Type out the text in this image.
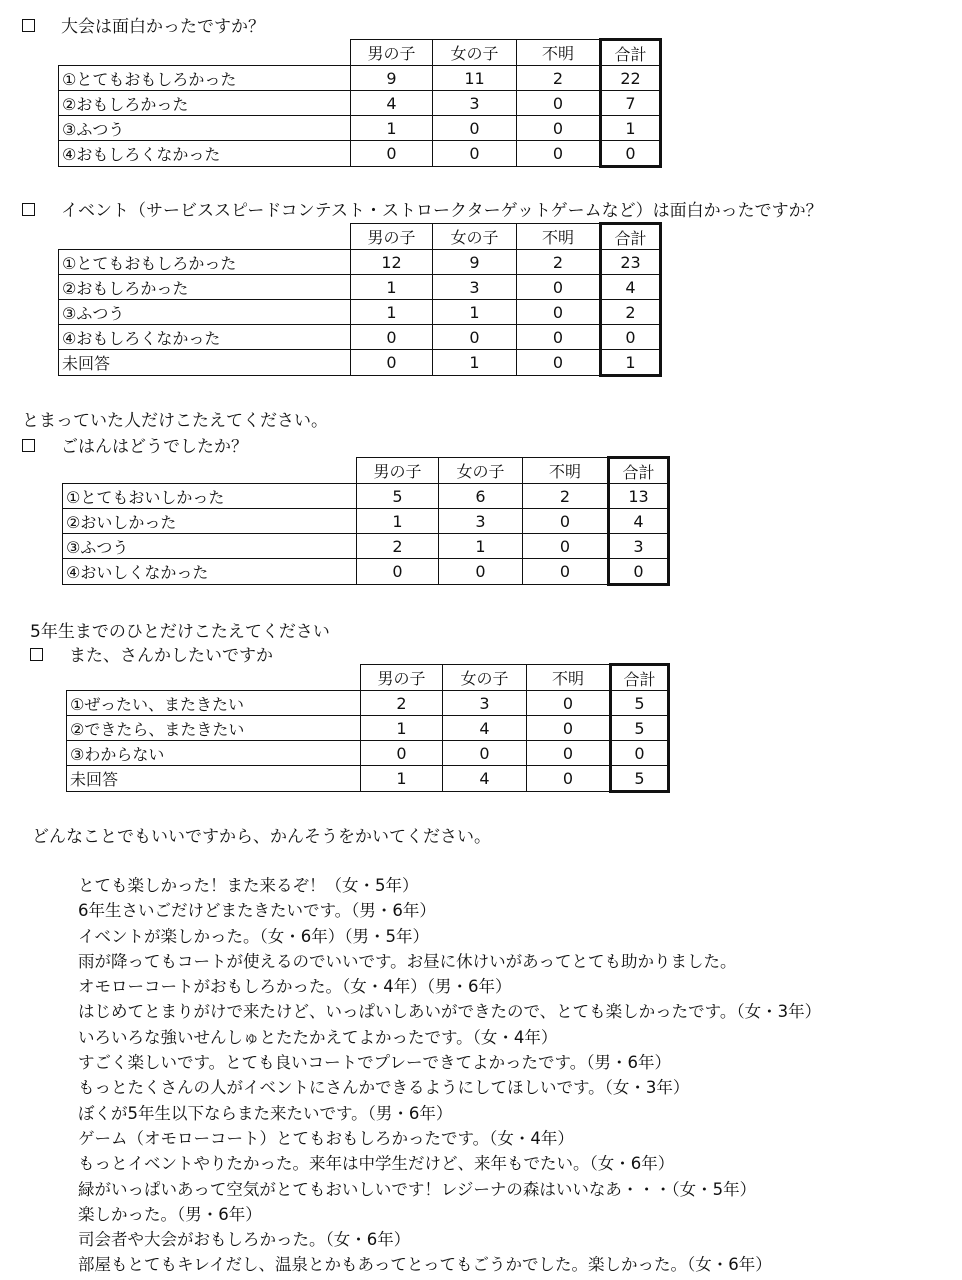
大会は面白かったですか？
	男の子	女の子	不明	合計
①とてもおもしろかった	9	11	2	22
②おもしろかった	4	3	0	7
③ふつう	1	0	0	1
④おもしろくなかった	0	0	0	0
イベント（サービススピードコンテスト・ストロークターゲットゲームなど）は面白かったですか？
	男の子	女の子	不明	合計
①とてもおもしろかった	12	9	2	23
②おもしろかった	1	3	0	4
③ふつう	1	1	0	2
④おもしろくなかった	0	0	0	0
未回答	0	1	0	1
とまっていた人だけこたえてください。
ごはんはどうでしたか？
	男の子	女の子	不明	合計
①とてもおいしかった	5	6	2	13
②おいしかった	1	3	0	4
③ふつう	2	1	0	3
④おいしくなかった	0	0	0	0
5年生までのひとだけこたえてください
また、さんかしたいですか
	男の子	女の子	不明	合計
①ぜったい、またきたい	2	3	0	5
②できたら、またきたい	1	4	0	5
③わからない	0	0	0	0
未回答	1	4	0	5
どんなことでもいいですから、かんそうをかいてください。
とても楽しかった！また来るぞ！（女・5年）
6年生さいごだけどまたきたいです。（男・6年）
イベントが楽しかった。（女・6年）（男・5年）
雨が降ってもコートが使えるのでいいです。お昼に休けいがあってとても助かりました。
オモローコートがおもしろかった。（女・4年）（男・6年）
はじめてとまりがけで来たけど、いっぱいしあいができたので、とても楽しかったです。（女・3年）
いろいろな強いせんしゅとたたかえてよかったです。（女・4年）
すごく楽しいです。とても良いコートでプレーできてよかったです。（男・6年）
もっとたくさんの人がイベントにさんかできるようにしてほしいです。（女・3年）
ぼくが5年生以下ならまた来たいです。（男・6年）
ゲーム（オモローコート）とてもおもしろかったです。（女・4年）
もっとイベントやりたかった。来年は中学生だけど、来年もでたい。（女・6年）
緑がいっぱいあって空気がとてもおいしいです！レジーナの森はいいなあ・・・（女・5年）
楽しかった。（男・6年）
司会者や大会がおもしろかった。（女・6年）
部屋もとてもキレイだし、温泉とかもあってとってもごうかでした。楽しかった。（女・6年）
